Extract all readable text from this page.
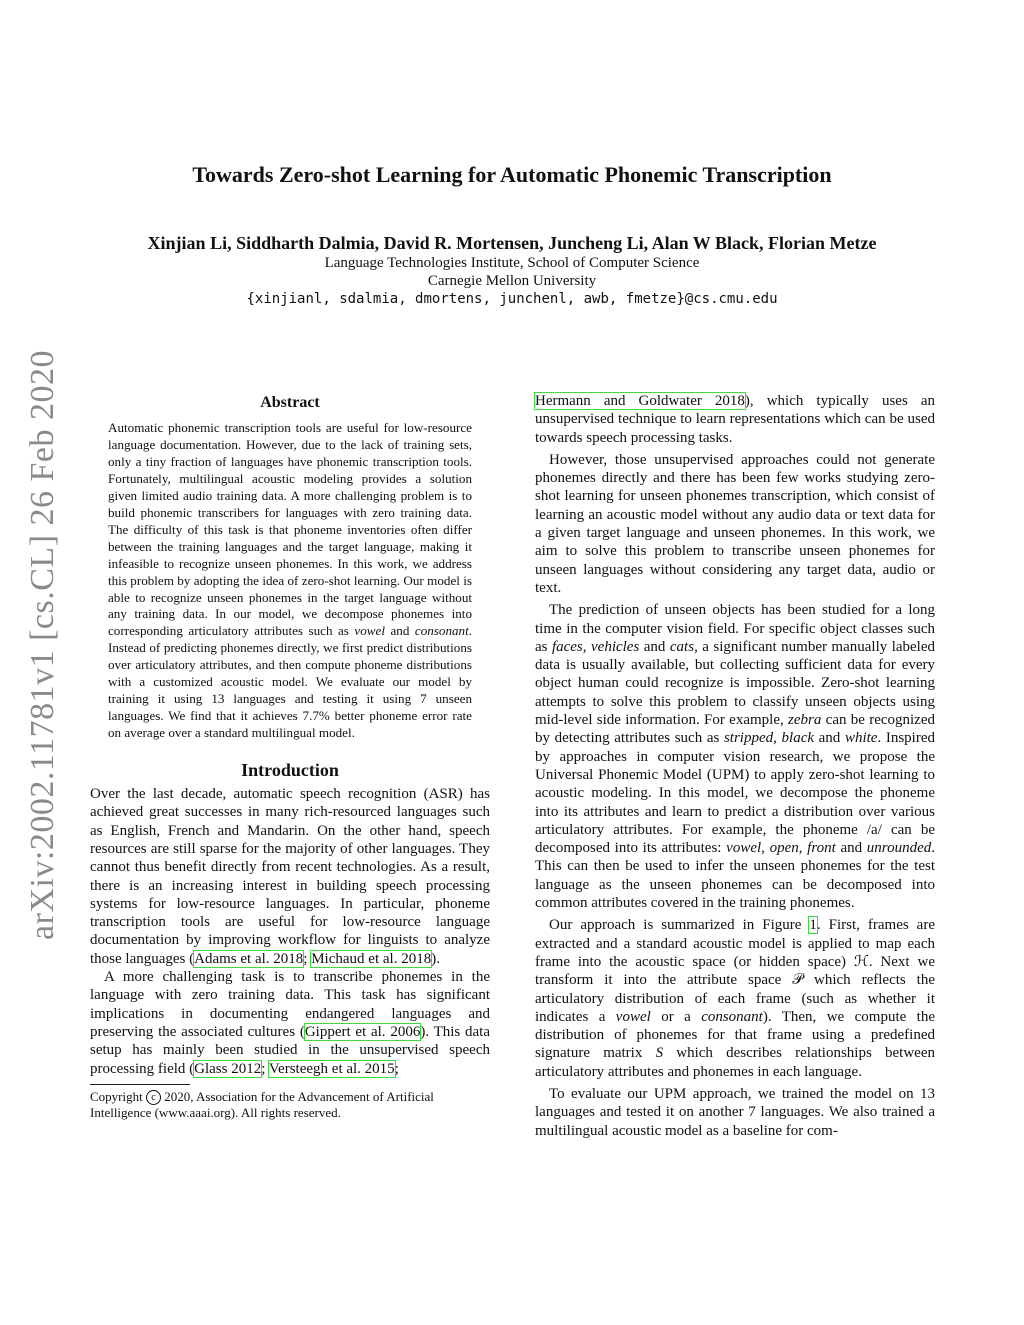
arXiv:2002.11781v1 [cs.CL] 26 Feb 2020
Towards Zero-shot Learning for Automatic Phonemic Transcription
Xinjian Li, Siddharth Dalmia, David R. Mortensen, Juncheng Li, Alan W Black, Florian Metze
Language Technologies Institute, School of Computer Science
Carnegie Mellon University
{xinjianl, sdalmia, dmortens, junchenl, awb, fmetze}@cs.cmu.edu
Abstract

Automatic phonemic transcription tools are useful for low-resource language documentation. However, due to the lack of training sets, only a tiny fraction of languages have phonemic transcription tools. Fortunately, multilingual acoustic modeling provides a solution given limited audio training data. A more challenging problem is to build phonemic transcribers for languages with zero training data. The difficulty of this task is that phoneme inventories often differ between the training languages and the target language, making it infeasible to recognize unseen phonemes. In this work, we address this problem by adopting the idea of zero-shot learning. Our model is able to recognize unseen phonemes in the target language without any training data. In our model, we decompose phonemes into corresponding articulatory attributes such as vowel and consonant. Instead of predicting phonemes directly, we first predict distributions over articulatory attributes, and then compute phoneme distributions with a customized acoustic model. We evaluate our model by training it using 13 languages and testing it using 7 unseen languages. We find that it achieves 7.7% better phoneme error rate on average over a standard multilingual model.

Introduction

Over the last decade, automatic speech recognition (ASR) has achieved great successes in many rich-resourced languages such as English, French and Mandarin. On the other hand, speech resources are still sparse for the majority of other languages. They cannot thus benefit directly from recent technologies. As a result, there is an increasing interest in building speech processing systems for low-resource languages. In particular, phoneme transcription tools are useful for low-resource language documentation by improving workflow for linguists to analyze those languages (Adams et al. 2018; Michaud et al. 2018).

A more challenging task is to transcribe phonemes in the language with zero training data. This task has significant implications in documenting endangered languages and preserving the associated cultures (Gippert et al. 2006). This data setup has mainly been studied in the unsupervised speech processing field (Glass 2012; Versteegh et al. 2015;

Copyright c 2020, Association for the Advancement of Artificial Intelligence (www.aaai.org). All rights reserved.

Hermann and Goldwater 2018), which typically uses an unsupervised technique to learn representations which can be used towards speech processing tasks.

However, those unsupervised approaches could not generate phonemes directly and there has been few works studying zero-shot learning for unseen phonemes transcription, which consist of learning an acoustic model without any audio data or text data for a given target language and unseen phonemes. In this work, we aim to solve this problem to transcribe unseen phonemes for unseen languages without considering any target data, audio or text.

The prediction of unseen objects has been studied for a long time in the computer vision field. For specific object classes such as faces, vehicles and cats, a significant number manually labeled data is usually available, but collecting sufficient data for every object human could recognize is impossible. Zero-shot learning attempts to solve this problem to classify unseen objects using mid-level side information. For example, zebra can be recognized by detecting attributes such as stripped, black and white. Inspired by approaches in computer vision research, we propose the Universal Phonemic Model (UPM) to apply zero-shot learning to acoustic modeling. In this model, we decompose the phoneme into its attributes and learn to predict a distribution over various articulatory attributes. For example, the phoneme /a/ can be decomposed into its attributes: vowel, open, front and unrounded. This can then be used to infer the unseen phonemes for the test language as the unseen phonemes can be decomposed into common attributes covered in the training phonemes.

Our approach is summarized in Figure 1. First, frames are extracted and a standard acoustic model is applied to map each frame into the acoustic space (or hidden space) ℋ. Next we transform it into the attribute space 𝒫 which reflects the articulatory distribution of each frame (such as whether it indicates a vowel or a consonant). Then, we compute the distribution of phonemes for that frame using a predefined signature matrix S which describes relationships between articulatory attributes and phonemes in each language.

To evaluate our UPM approach, we trained the model on 13 languages and tested it on another 7 languages. We also trained a multilingual acoustic model as a baseline for com-
